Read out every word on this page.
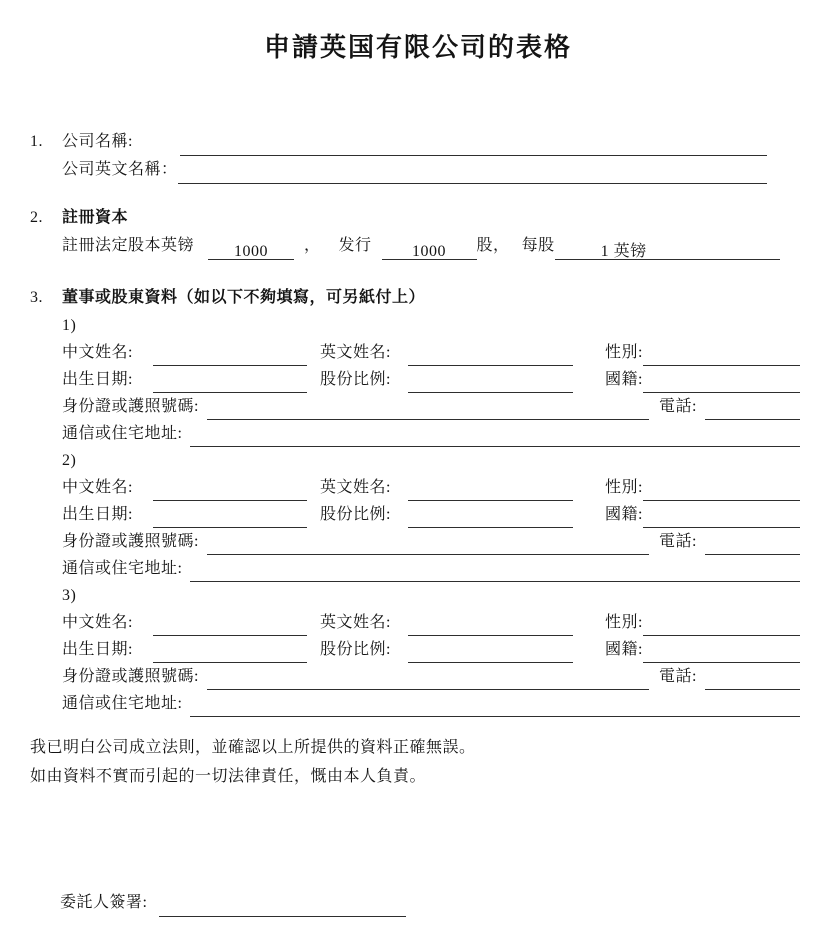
申請英国有限公司的表格
1.	公司名稱:
公司英文名稱：
2.	註冊資本
註冊法定股本英镑	1000	， 发行	1000	股， 每股	1 英镑
3.	董事或股東資料（如以下不夠填寫，可另紙付上）
1)
中文姓名:	英文姓名:	性別:
出生日期:	股份比例:	國籍:
身份證或護照號碼:	電話:
通信或住宅地址:
2)
中文姓名:	英文姓名:	性別:
出生日期:	股份比例:	國籍:
身份證或護照號碼:	電話:
通信或住宅地址:
3)
中文姓名:	英文姓名:	性別:
出生日期:	股份比例:	國籍:
身份證或護照號碼:	電話:
通信或住宅地址:
我已明白公司成立法則，並確認以上所提供的資料正確無誤。
如由資料不實而引起的一切法律責任，慨由本人負責。
委託人簽署:
